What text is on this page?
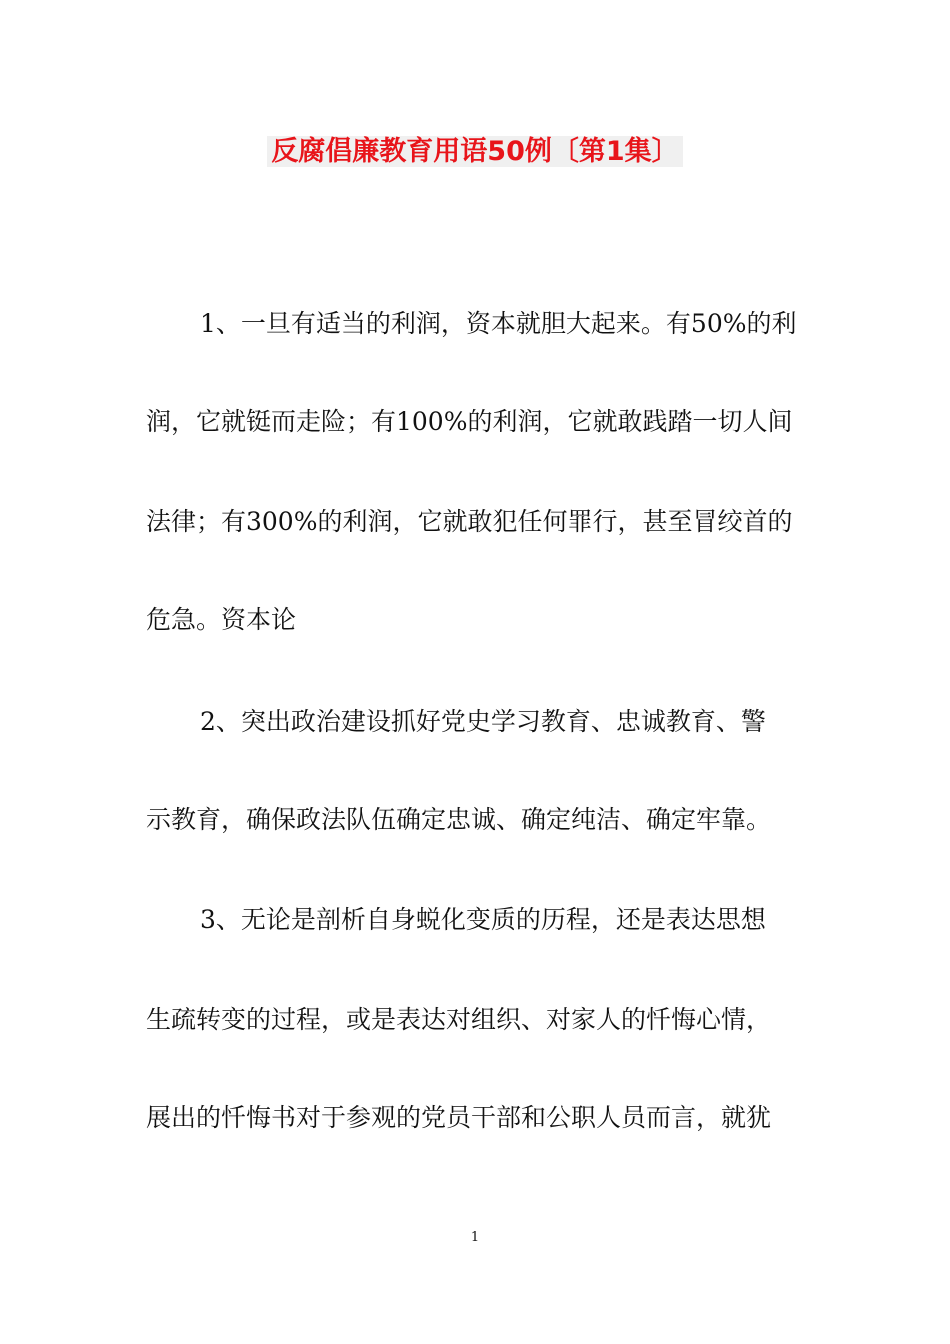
反腐倡廉教育用语50例〔第1集〕
1、一旦有适当的利润，资本就胆大起来。有50%的利
润，它就铤而走险；有100%的利润，它就敢践踏一切人间
法律；有300%的利润，它就敢犯任何罪行，甚至冒绞首的
危急。资本论
2、突出政治建设抓好党史学习教育、忠诚教育、警
示教育，确保政法队伍确定忠诚、确定纯洁、确定牢靠。
3、无论是剖析自身蜕化变质的历程，还是表达思想
生疏转变的过程，或是表达对组织、对家人的忏悔心情，
展出的忏悔书对于参观的党员干部和公职人员而言，就犹
1
